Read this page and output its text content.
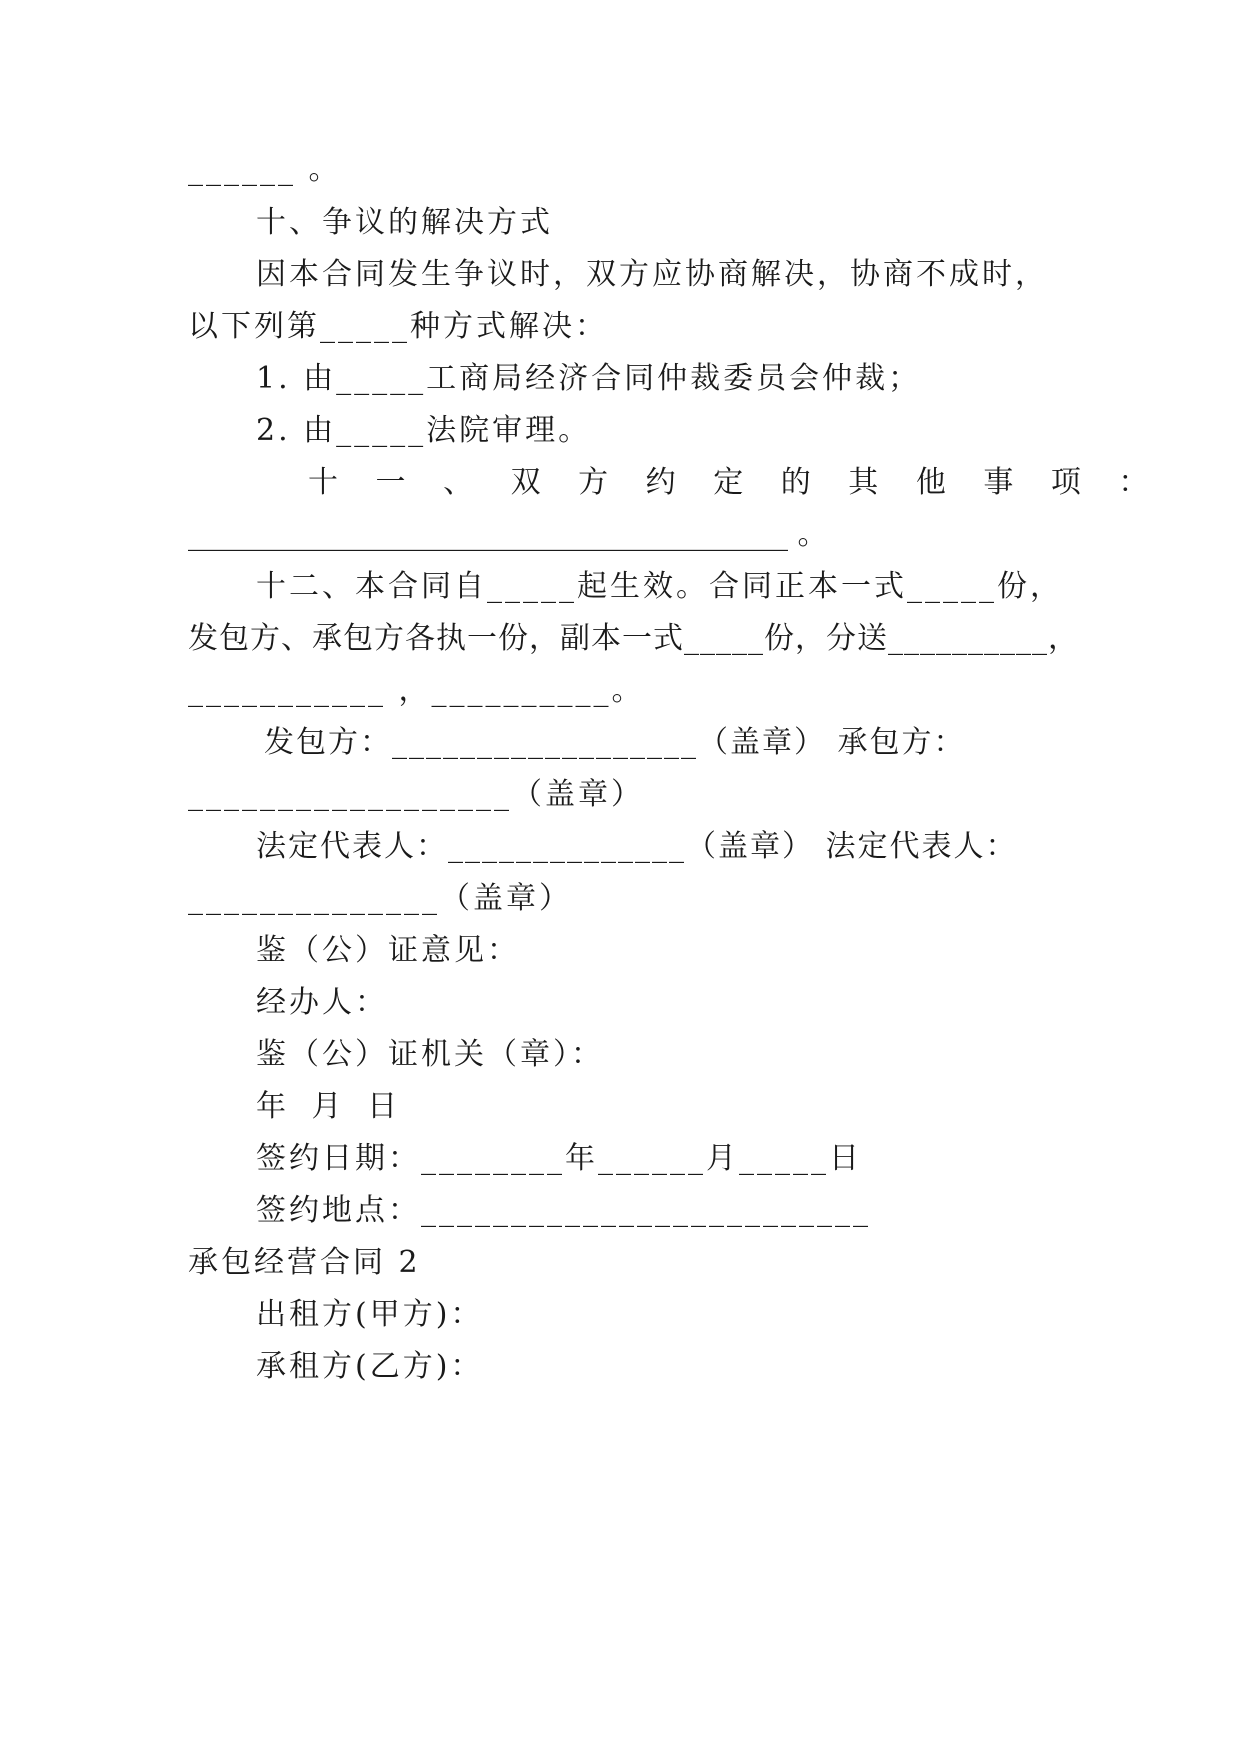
______ 。
十、争议的解决方式
因本合同发生争议时，双方应协商解决，协商不成时，
以下列第_____种方式解决：
1. 由_____工商局经济合同仲裁委员会仲裁；
2. 由_____法院审理。
十 一 、 双 方 约 定 的 其 他 事 项 ：
________________________________________ 。
十二、本合同自_____起生效。合同正本一式_____份，
发包方、承包方各执一份，副本一式_____份，分送__________，
___________ ，__________。
发包方：__________________（盖章） 承包方：
__________________（盖章）
法定代表人：______________（盖章） 法定代表人：
______________（盖章）
鉴（公）证意见：
经办人：
鉴（公）证机关（章）：
年 月 日
签约日期：________年______月_____日
签约地点：_________________________
承包经营合同 2
出租方(甲方)：
承租方(乙方)：
